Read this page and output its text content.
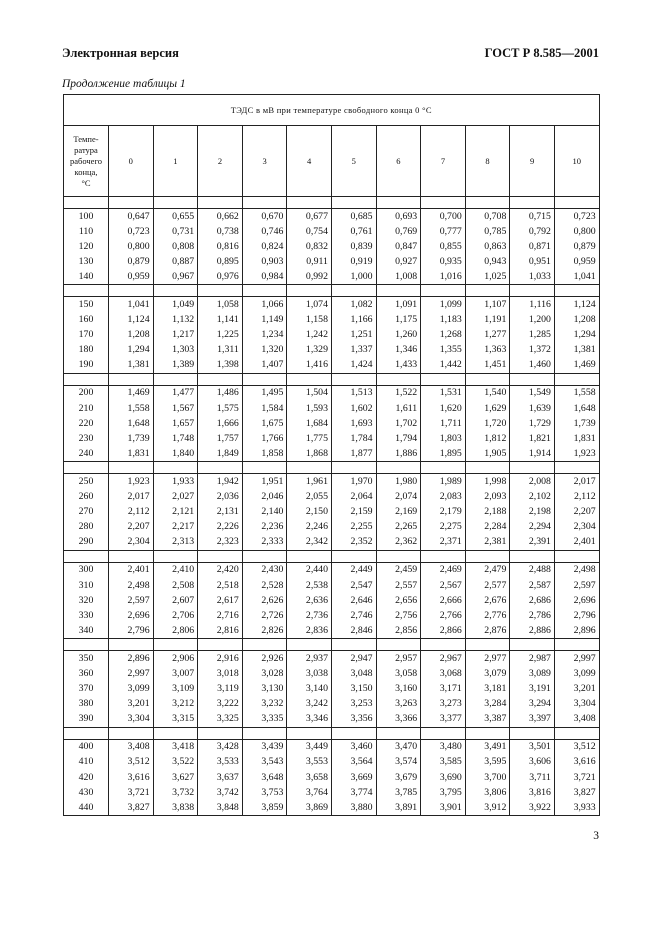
Электронная версия	ГОСТ Р 8.585—2001
Продолжение таблицы 1
ТЭДС в мВ при температуре свободного конца 0 °С											

Темпе-
ратура
рабочего
конца,
°С	0	1	2	3	4	5	6	7	8	9	10

100	0,647	0,655	0,662	0,670	0,677	0,685	0,693	0,700	0,708	0,715	0,723
110	0,723	0,731	0,738	0,746	0,754	0,761	0,769	0,777	0,785	0,792	0,800
120	0,800	0,808	0,816	0,824	0,832	0,839	0,847	0,855	0,863	0,871	0,879
130	0,879	0,887	0,895	0,903	0,911	0,919	0,927	0,935	0,943	0,951	0,959
140	0,959	0,967	0,976	0,984	0,992	1,000	1,008	1,016	1,025	1,033	1,041

150	1,041	1,049	1,058	1,066	1,074	1,082	1,091	1,099	1,107	1,116	1,124
160	1,124	1,132	1,141	1,149	1,158	1,166	1,175	1,183	1,191	1,200	1,208
170	1,208	1,217	1,225	1,234	1,242	1,251	1,260	1,268	1,277	1,285	1,294
180	1,294	1,303	1,311	1,320	1,329	1,337	1,346	1,355	1,363	1,372	1,381
190	1,381	1,389	1,398	1,407	1,416	1,424	1,433	1,442	1,451	1,460	1,469

200	1,469	1,477	1,486	1,495	1,504	1,513	1,522	1,531	1,540	1,549	1,558
210	1,558	1,567	1,575	1,584	1,593	1,602	1,611	1,620	1,629	1,639	1,648
220	1,648	1,657	1,666	1,675	1,684	1,693	1,702	1,711	1,720	1,729	1,739
230	1,739	1,748	1,757	1,766	1,775	1,784	1,794	1,803	1,812	1,821	1,831
240	1,831	1,840	1,849	1,858	1,868	1,877	1,886	1,895	1,905	1,914	1,923

250	1,923	1,933	1,942	1,951	1,961	1,970	1,980	1,989	1,998	2,008	2,017
260	2,017	2,027	2,036	2,046	2,055	2,064	2,074	2,083	2,093	2,102	2,112
270	2,112	2,121	2,131	2,140	2,150	2,159	2,169	2,179	2,188	2,198	2,207
280	2,207	2,217	2,226	2,236	2,246	2,255	2,265	2,275	2,284	2,294	2,304
290	2,304	2,313	2,323	2,333	2,342	2,352	2,362	2,371	2,381	2,391	2,401

300	2,401	2,410	2,420	2,430	2,440	2,449	2,459	2,469	2,479	2,488	2,498
310	2,498	2,508	2,518	2,528	2,538	2,547	2,557	2,567	2,577	2,587	2,597
320	2,597	2,607	2,617	2,626	2,636	2,646	2,656	2,666	2,676	2,686	2,696
330	2,696	2,706	2,716	2,726	2,736	2,746	2,756	2,766	2,776	2,786	2,796
340	2,796	2,806	2,816	2,826	2,836	2,846	2,856	2,866	2,876	2,886	2,896

350	2,896	2,906	2,916	2,926	2,937	2,947	2,957	2,967	2,977	2,987	2,997
360	2,997	3,007	3,018	3,028	3,038	3,048	3,058	3,068	3,079	3,089	3,099
370	3,099	3,109	3,119	3,130	3,140	3,150	3,160	3,171	3,181	3,191	3,201
380	3,201	3,212	3,222	3,232	3,242	3,253	3,263	3,273	3,284	3,294	3,304
390	3,304	3,315	3,325	3,335	3,346	3,356	3,366	3,377	3,387	3,397	3,408

400	3,408	3,418	3,428	3,439	3,449	3,460	3,470	3,480	3,491	3,501	3,512
410	3,512	3,522	3,533	3,543	3,553	3,564	3,574	3,585	3,595	3,606	3,616
420	3,616	3,627	3,637	3,648	3,658	3,669	3,679	3,690	3,700	3,711	3,721
430	3,721	3,732	3,742	3,753	3,764	3,774	3,785	3,795	3,806	3,816	3,827
440	3,827	3,838	3,848	3,859	3,869	3,880	3,891	3,901	3,912	3,922	3,933
3
